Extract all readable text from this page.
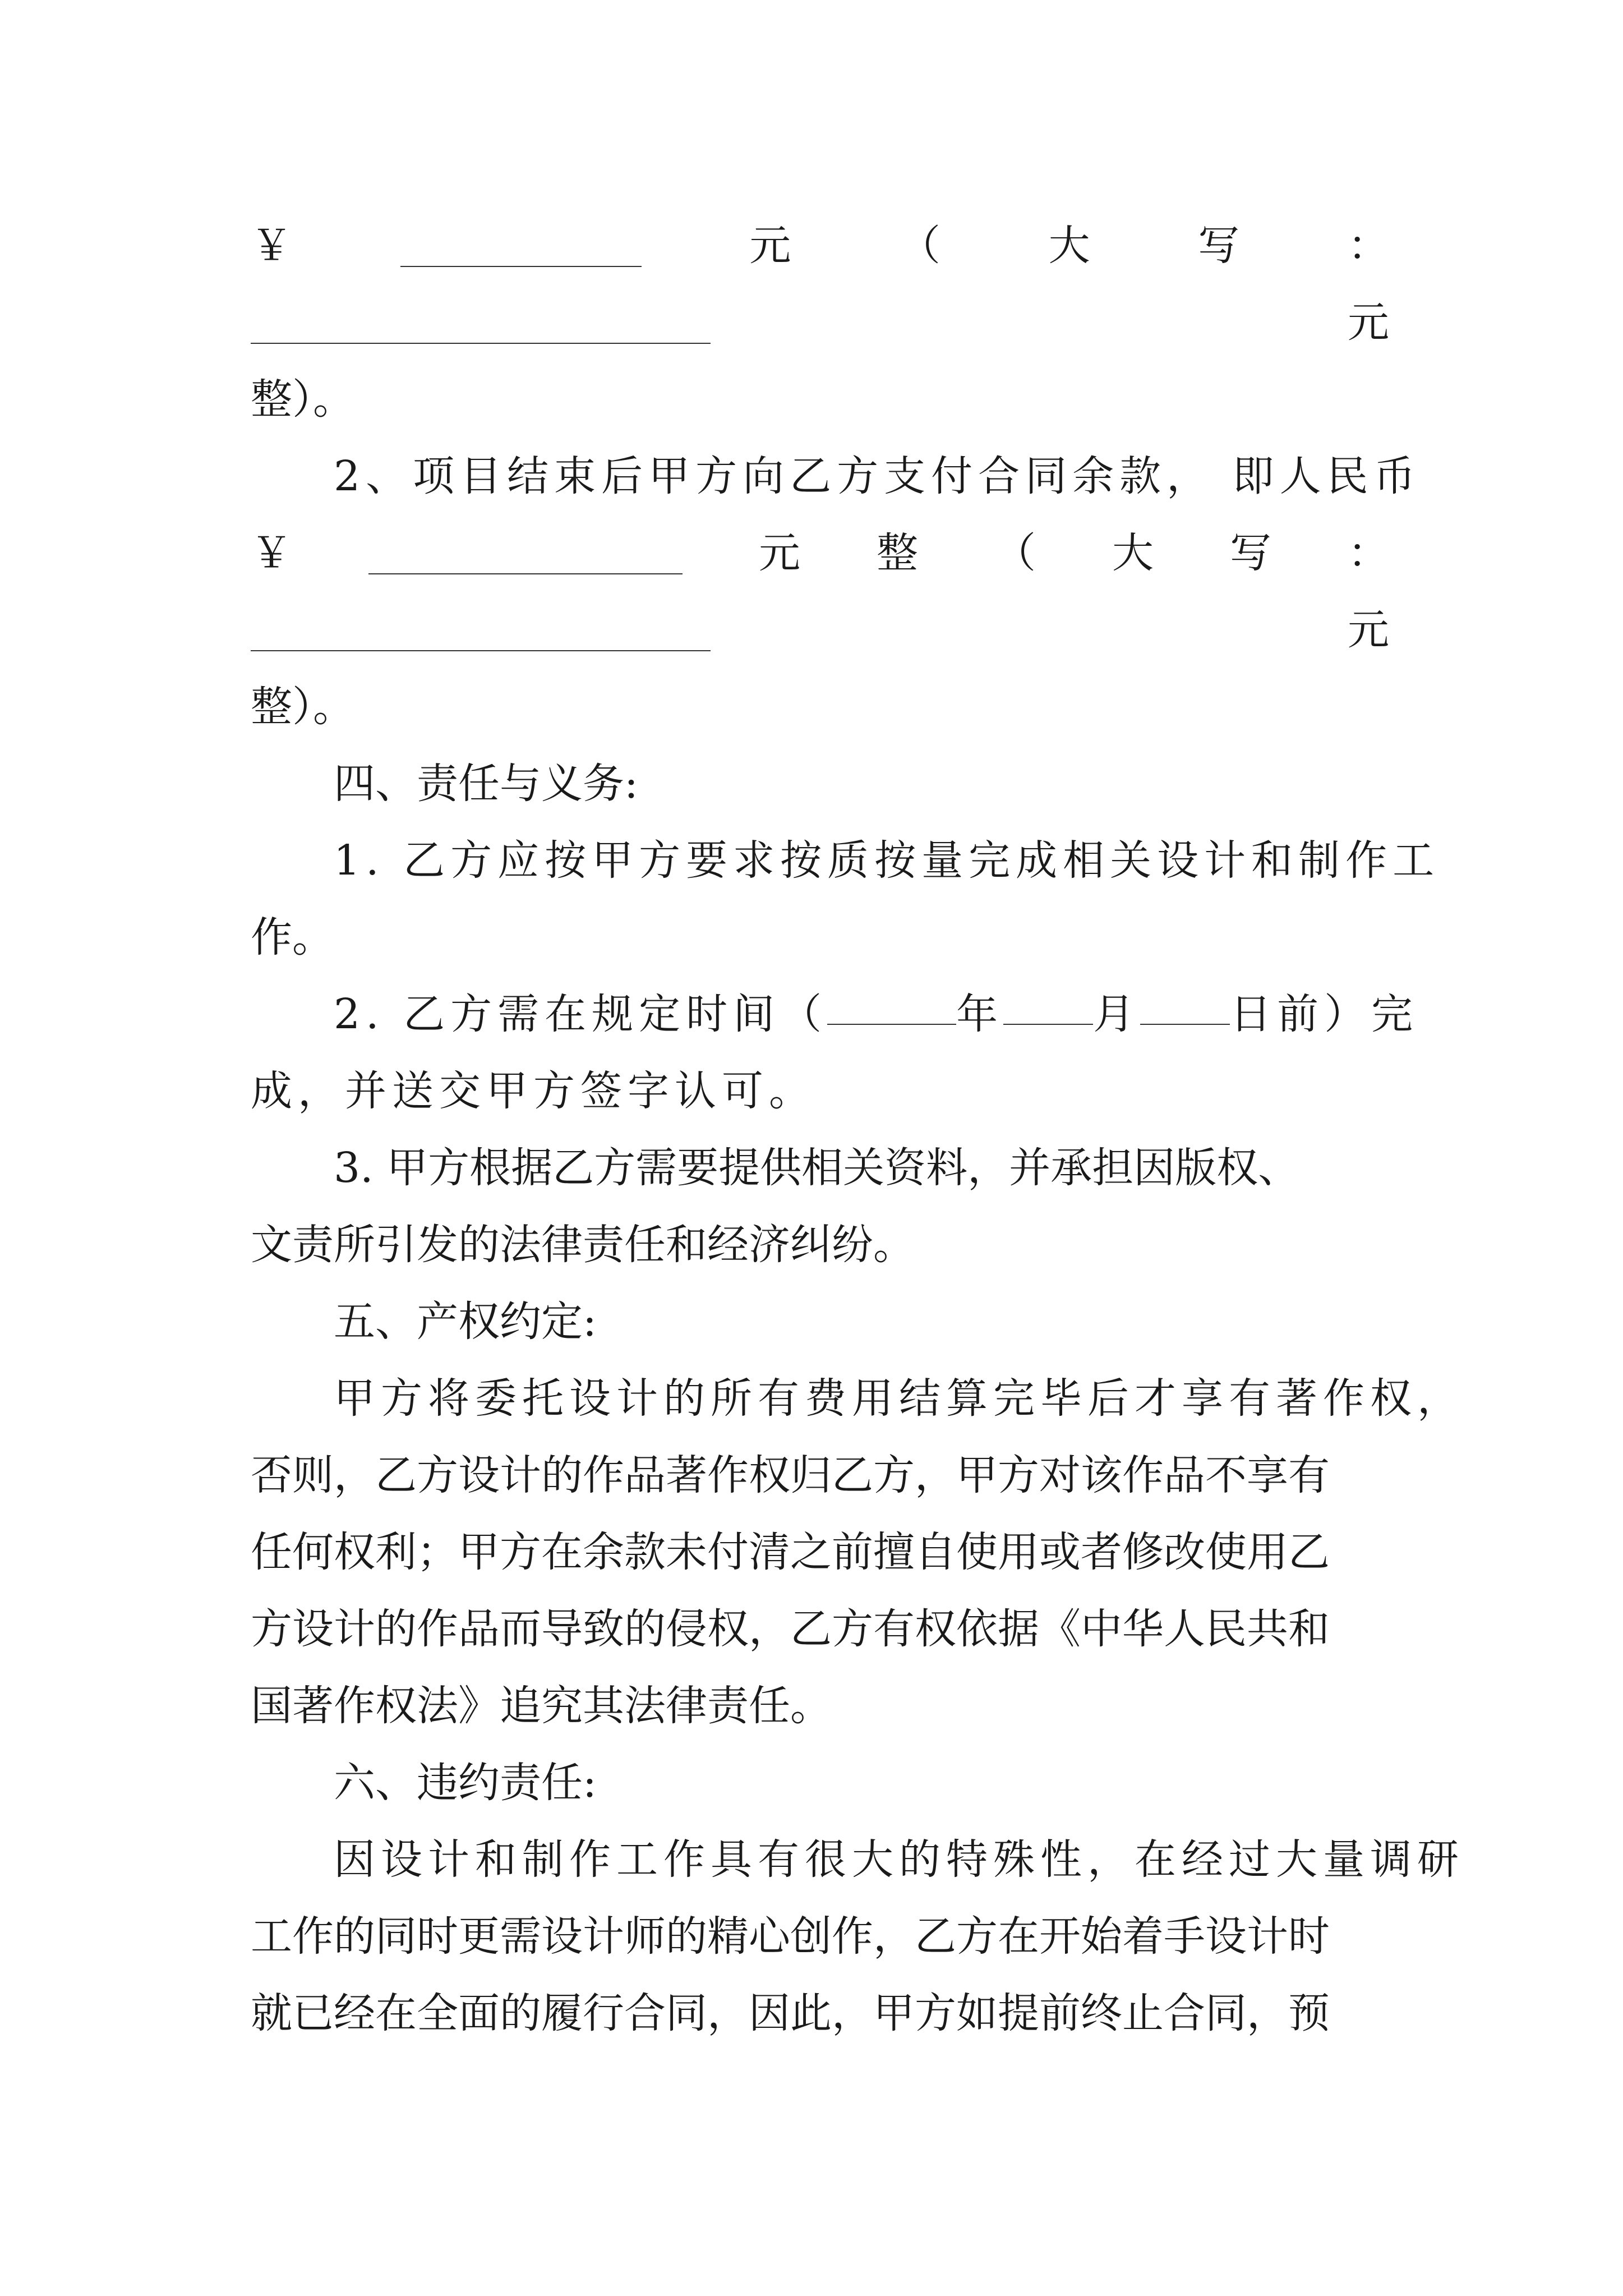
￥	元	（	大	写	：
元
整）。
2、项目结束后甲方向乙方支付合同余款， 即人民币
￥	元 整 （ 大 写 ：
元
整）。
四、责任与义务:
1. 乙方应按甲方要求按质按量完成相关设计和制作工
作。
2. 乙方需在规定时间（	年 月 日前）完
成，并送交甲方签字认可。
3. 甲方根据乙方需要提供相关资料，并承担因版权、
文责所引发的法律责任和经济纠纷。
五、产权约定:
甲方将委托设计的所有费用结算完毕后才享有著作权，
否则，乙方设计的作品著作权归乙方，甲方对该作品不享有
任何权利；甲方在余款未付清之前擅自使用或者修改使用乙
方设计的作品而导致的侵权，乙方有权依据《中华人民共和
国著作权法》追究其法律责任。
六、违约责任:
因设计和制作工作具有很大的特殊性，在经过大量调研
工作的同时更需设计师的精心创作，乙方在开始着手设计时
就已经在全面的履行合同，因此，甲方如提前终止合同，预
